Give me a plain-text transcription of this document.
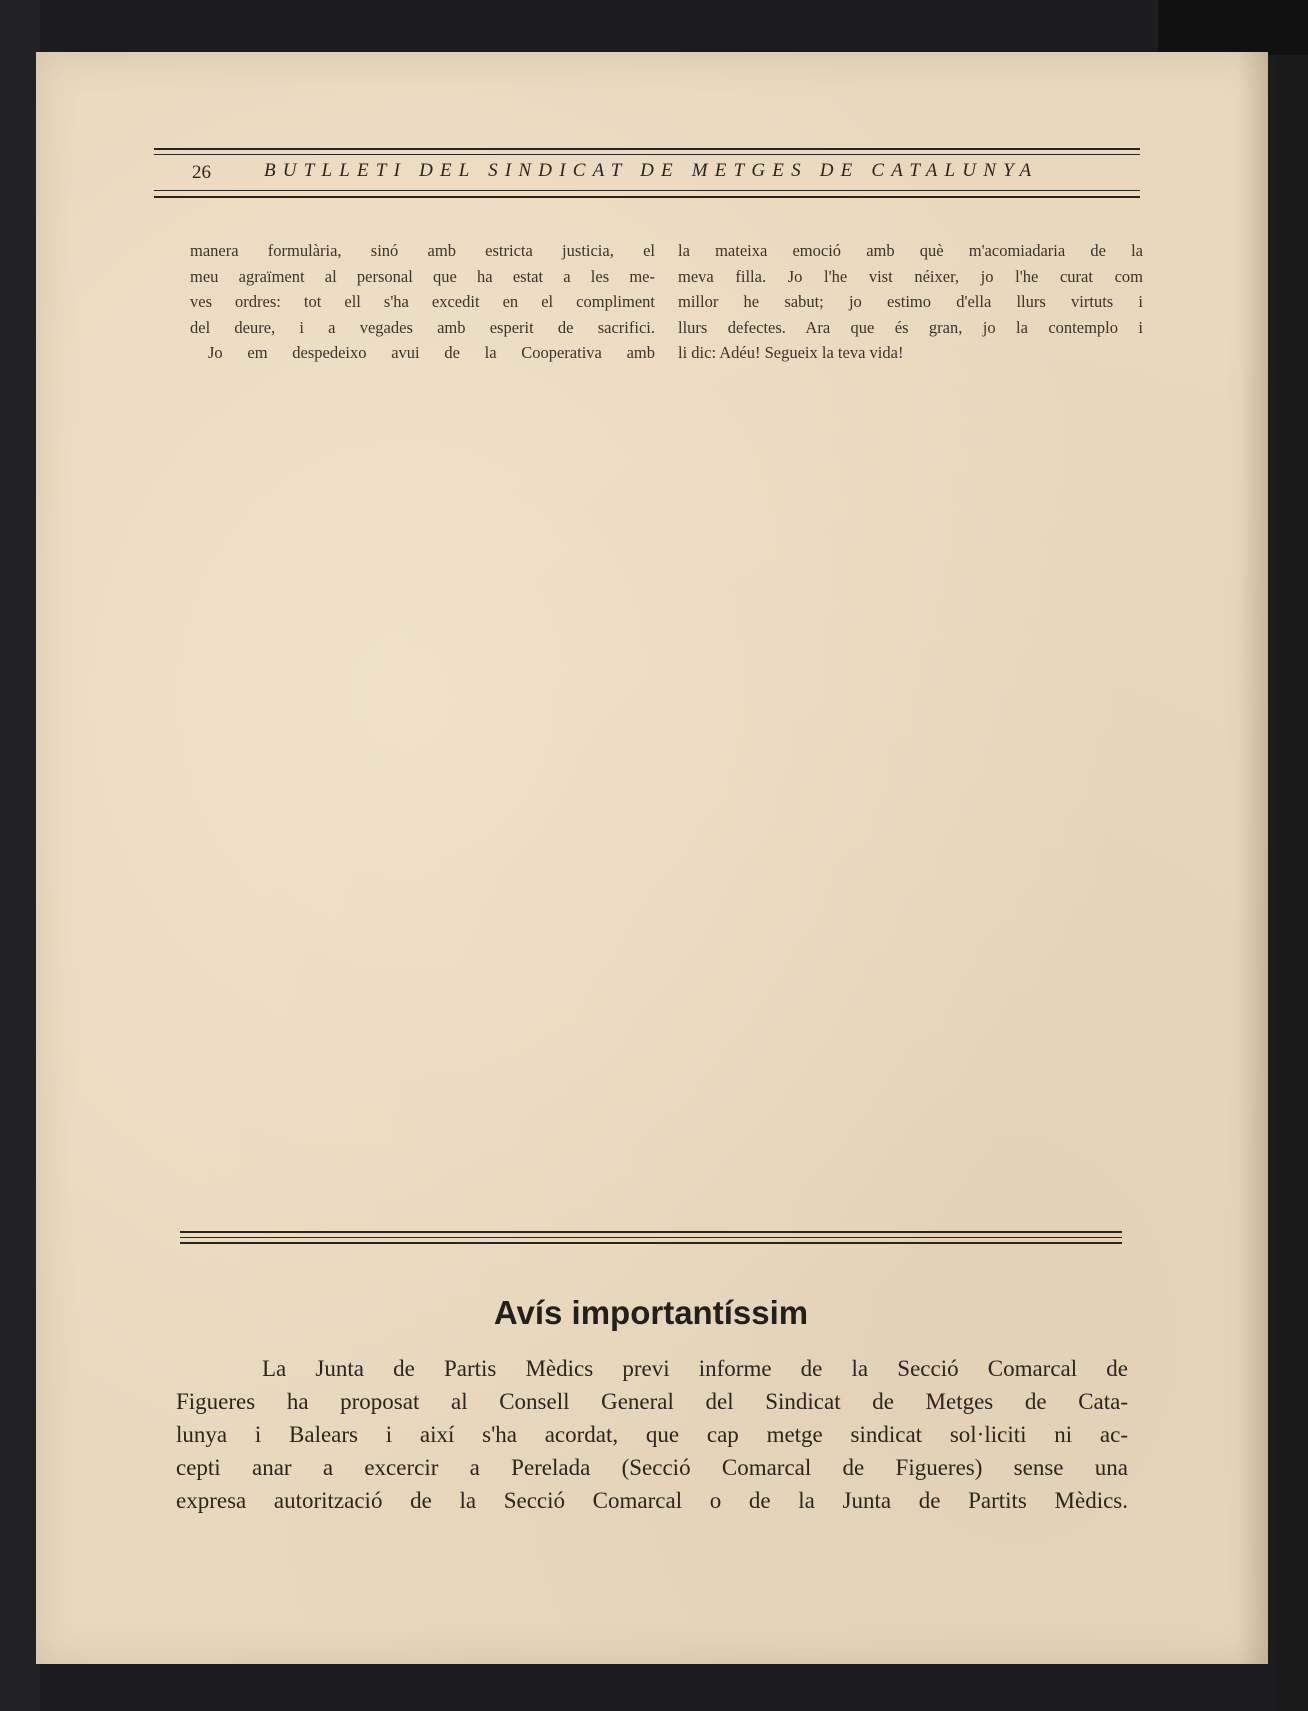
26	BUTLLETI DEL SINDICAT DE METGES DE CATALUNYA
manera formulària, sinó amb estricta justicia, el
meu agraïment al personal que ha estat a les me-
ves ordres: tot ell s'ha excedit en el compliment
del deure, i a vegades amb esperit de sacrifici.
Jo em despedeixo avui de la Cooperativa amb
la mateixa emoció amb què m'acomiadaria de la
meva filla. Jo l'he vist néixer, jo l'he curat com
millor he sabut; jo estimo d'ella llurs virtuts i
llurs defectes. Ara que és gran, jo la contemplo i
li dic: Adéu! Segueix la teva vida!
Avís importantíssim
La Junta de Partis Mèdics previ informe de la Secció Comarcal de
Figueres ha proposat al Consell General del Sindicat de Metges de Cata-
lunya i Balears i així s'ha acordat, que cap metge sindicat sol·liciti ni ac-
cepti anar a excercir a Perelada (Secció Comarcal de Figueres) sense una
expresa autorització de la Secció Comarcal o de la Junta de Partits Mèdics.
